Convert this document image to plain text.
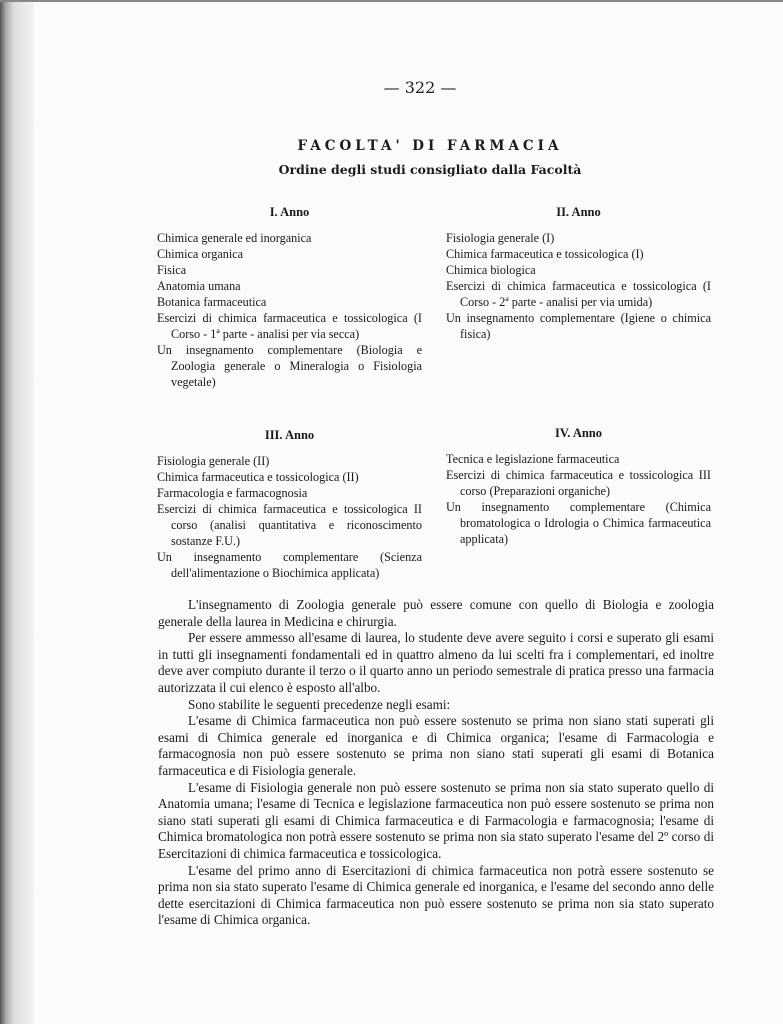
— 322 —
FACOLTA' DI FARMACIA
Ordine degli studi consigliato dalla Facoltà
I. Anno
Chimica generale ed inorganica
Chimica organica
Fisica
Anatomia umana
Botanica farmaceutica
Esercizi di chimica farmaceutica e tossicologica (I Corso - 1ª parte - analisi per via secca)
Un insegnamento complementare (Biologia e Zoologia generale o Mineralogia o Fisiologia vegetale)
II. Anno
Fisiologia generale (I)
Chimica farmaceutica e tossicologica (I)
Chimica biologica
Esercizi di chimica farmaceutica e tossicologica (I Corso - 2ª parte - analisi per via umida)
Un insegnamento complementare (Igiene o chimica fisica)
III. Anno
Fisiologia generale (II)
Chimica farmaceutica e tossicologica (II)
Farmacologia e farmacognosia
Esercizi di chimica farmaceutica e tossicologica II corso (analisi quantitativa e riconoscimento sostanze F.U.)
Un insegnamento complementare (Scienza dell'alimentazione o Biochimica applicata)
IV. Anno
Tecnica e legislazione farmaceutica
Esercizi di chimica farmaceutica e tossicologica III corso (Preparazioni organiche)
Un insegnamento complementare (Chimica bromatologica o Idrologia o Chimica farmaceutica applicata)

L'insegnamento di Zoologia generale può essere comune con quello di Biologia e zoologia generale della laurea in Medicina e chirurgia.

Per essere ammesso all'esame di laurea, lo studente deve avere seguito i corsi e superato gli esami in tutti gli insegnamenti fondamentali ed in quattro almeno da lui scelti fra i complementari, ed inoltre deve aver compiuto durante il terzo o il quarto anno un periodo semestrale di pratica presso una farmacia autorizzata il cui elenco è esposto all'albo.

Sono stabilite le seguenti precedenze negli esami:

L'esame di Chimica farmaceutica non può essere sostenuto se prima non siano stati superati gli esami di Chimica generale ed inorganica e di Chimica organica; l'esame di Farmacologia e farmacognosia non può essere sostenuto se prima non siano stati superati gli esami di Botanica farmaceutica e di Fisiologia generale.

L'esame di Fisiologia generale non può essere sostenuto se prima non sia stato superato quello di Anatomia umana; l'esame di Tecnica e legislazione farmaceutica non può essere sostenuto se prima non siano stati superati gli esami di Chimica farmaceutica e di Farmacologia e farmacognosia; l'esame di Chimica bromatologica non potrà essere sostenuto se prima non sia stato superato l'esame del 2º corso di Esercitazioni di chimica farmaceutica e tossicologica.

L'esame del primo anno di Esercitazioni di chimica farmaceutica non potrà essere sostenuto se prima non sia stato superato l'esame di Chimica generale ed inorganica, e l'esame del secondo anno delle dette esercitazioni di Chimica farmaceutica non può essere sostenuto se prima non sia stato superato l'esame di Chimica organica.
